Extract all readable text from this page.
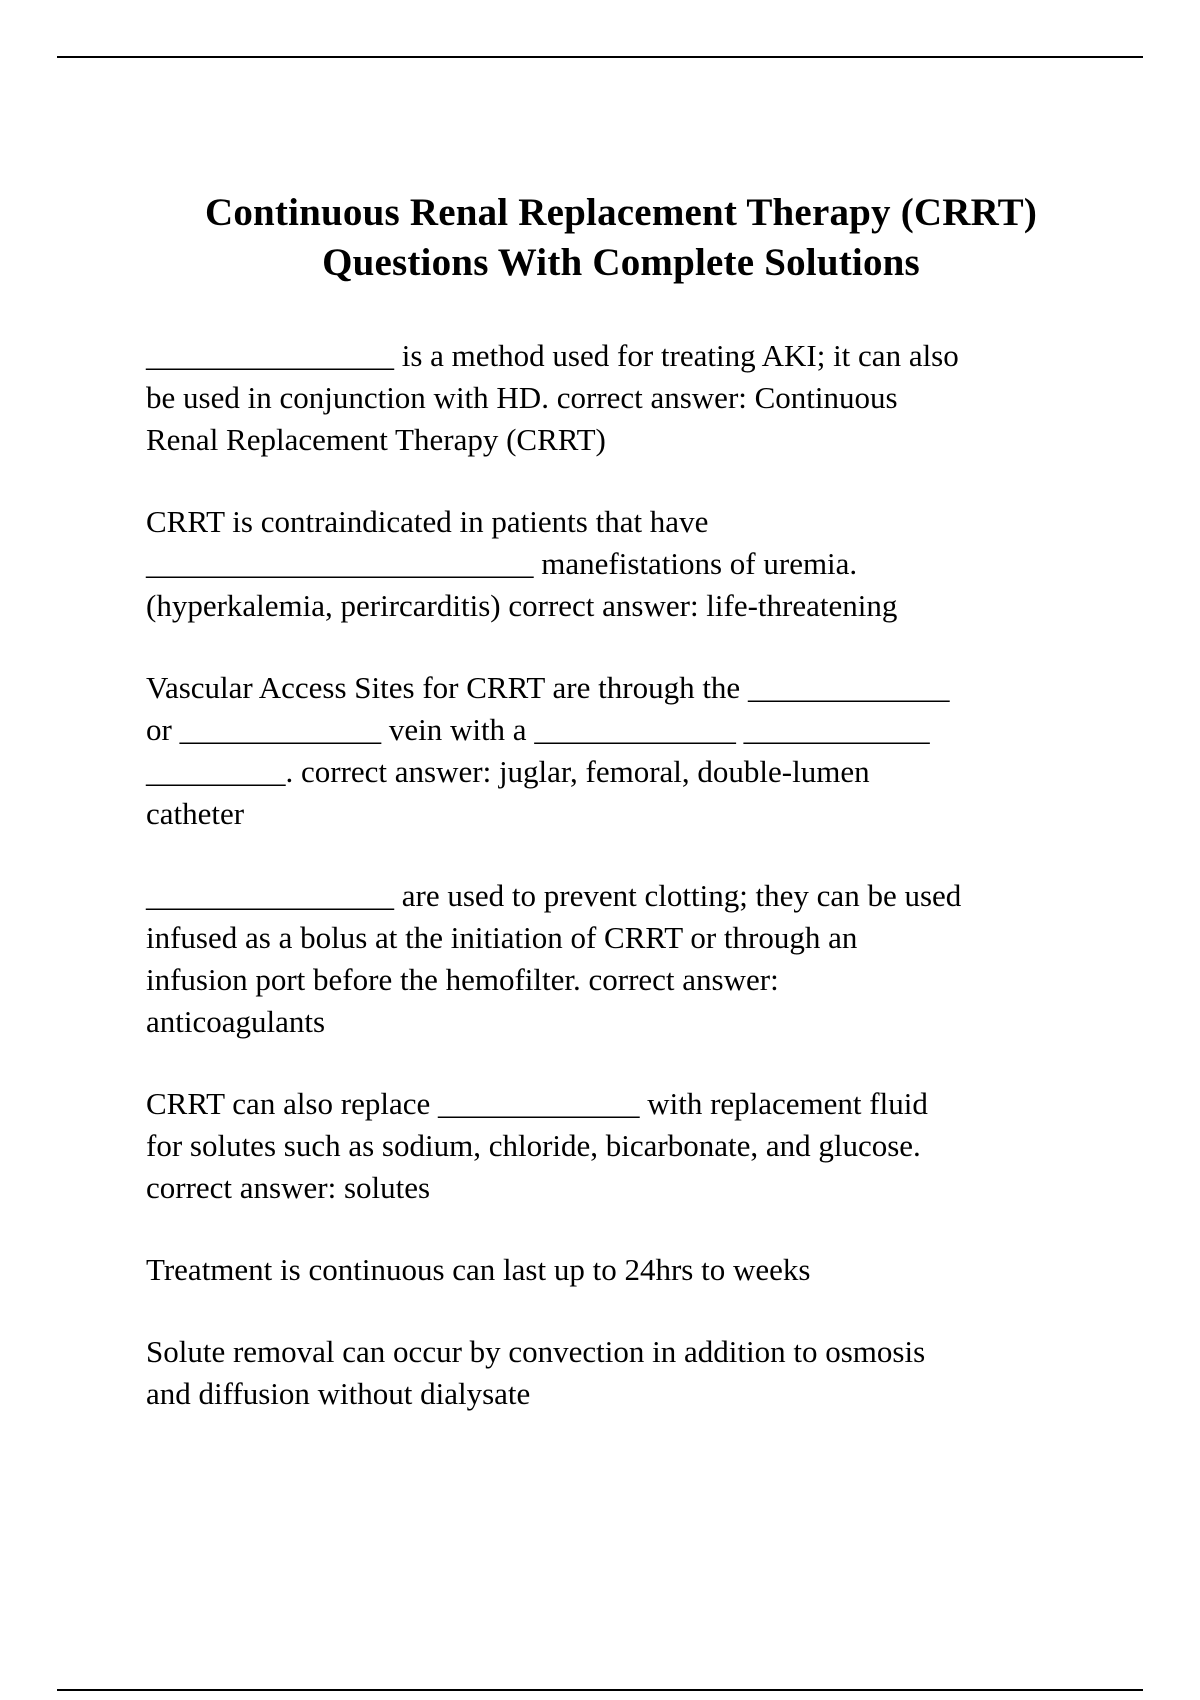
Continuous Renal Replacement Therapy (CRRT)
Questions With Complete Solutions

________________ is a method used for treating AKI; it can also
be used in conjunction with HD. correct answer: Continuous
Renal Replacement Therapy (CRRT)

CRRT is contraindicated in patients that have
_________________________ manefistations of uremia.
(hyperkalemia, perircarditis) correct answer: life-threatening

Vascular Access Sites for CRRT are through the _____________
or _____________ vein with a _____________ ____________
_________. correct answer: juglar, femoral, double-lumen
catheter

________________ are used to prevent clotting; they can be used
infused as a bolus at the initiation of CRRT or through an
infusion port before the hemofilter. correct answer:
anticoagulants

CRRT can also replace _____________ with replacement fluid
for solutes such as sodium, chloride, bicarbonate, and glucose.
correct answer: solutes

Treatment is continuous can last up to 24hrs to weeks

Solute removal can occur by convection in addition to osmosis
and diffusion without dialysate
